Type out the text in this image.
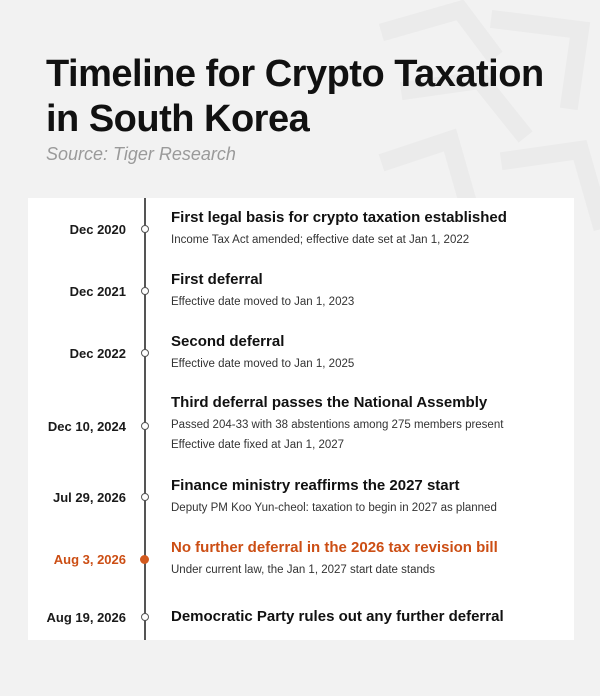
Timeline for Crypto Taxation in South Korea
Source: Tiger Research
First legal basis for crypto taxation established
Income Tax Act amended; effective date set at Jan 1, 2022
Dec 2020
First deferral
Effective date moved to Jan 1, 2023
Dec 2021
Second deferral
Effective date moved to Jan 1, 2025
Dec 2022
Third deferral passes the National Assembly
Passed 204-33 with 38 abstentions among 275 members present
Effective date fixed at Jan 1, 2027
Dec 10, 2024
Finance ministry reaffirms the 2027 start
Deputy PM Koo Yun-cheol: taxation to begin in 2027 as planned
Jul 29, 2026
No further deferral in the 2026 tax revision bill
Under current law, the Jan 1, 2027 start date stands
Aug 3, 2026
Democratic Party rules out any further deferral
Aug 19, 2026
